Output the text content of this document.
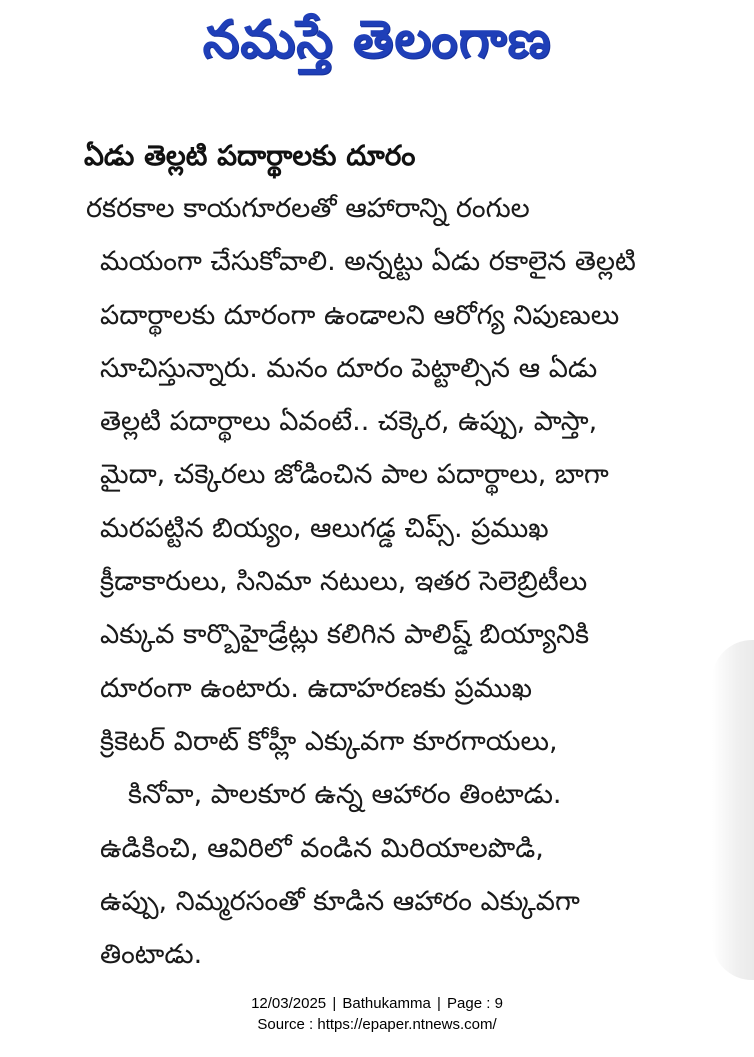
నమస్తే తెలంగాణ
ఏడు తెల్లటి పదార్థాలకు దూరం
రకరకాల కాయగూరలతో ఆహారాన్ని రంగుల
మయంగా చేసుకోవాలి. అన్నట్టు ఏడు రకాలైన తెల్లటి
పదార్థాలకు దూరంగా ఉండాలని ఆరోగ్య నిపుణులు
సూచిస్తున్నారు. మనం దూరం పెట్టాల్సిన ఆ ఏడు
తెల్లటి పదార్థాలు ఏవంటే.. చక్కెర, ఉప్పు, పాస్తా,
మైదా, చక్కెరలు జోడించిన పాల పదార్థాలు, బాగా
మరపట్టిన బియ్యం, ఆలుగడ్డ చిప్స్. ప్రముఖ
క్రీడాకారులు, సినిమా నటులు, ఇతర సెలెబ్రిటీలు
ఎక్కువ కార్బొహైడ్రేట్లు కలిగిన పాలిష్డ్ బియ్యానికి
దూరంగా ఉంటారు. ఉదాహరణకు ప్రముఖ
క్రికెటర్ విరాట్ కోహ్లీ ఎక్కువగా కూరగాయలు,
కినోవా, పాలకూర ఉన్న ఆహారం తింటాడు.
ఉడికించి, ఆవిరిలో వండిన మిరియాలపొడి,
ఉప్పు, నిమ్మరసంతో కూడిన ఆహారం ఎక్కువగా
తింటాడు.
12/03/2025 | Bathukamma | Page : 9
Source : https://epaper.ntnews.com/
